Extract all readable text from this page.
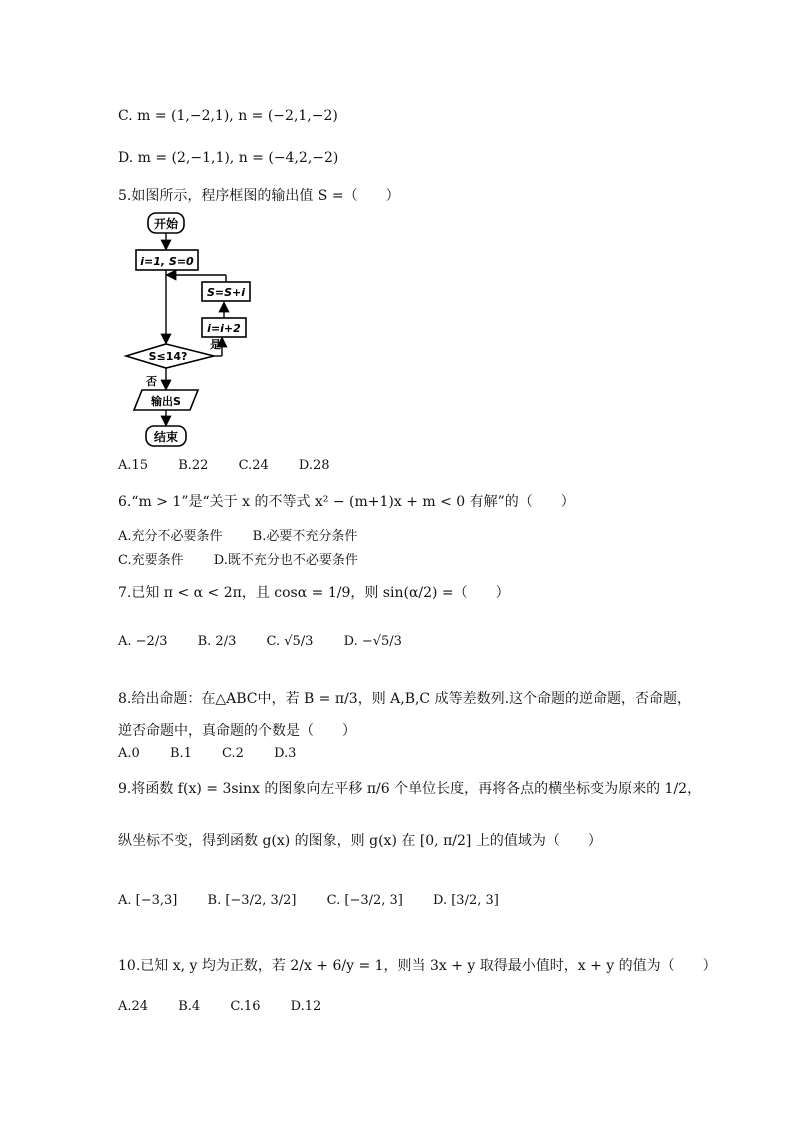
C. m = (1,−2,1), n = (−2,1,−2)
D. m = (2,−1,1), n = (−4,2,−2)
5.如图所示，程序框图的输出值 S =（　　）
开始
i=1, S=0
S≤14?
是
i=i+2
S=S+i
否
输出S
结束
A.15 B.22 C.24 D.28
6.“m > 1”是“关于 x 的不等式 x² − (m+1)x + m < 0 有解”的（　　）
A.充分不必要条件 B.必要不充分条件
C.充要条件 D.既不充分也不必要条件
7.已知 π < α < 2π，且 cosα = 1/9，则 sin(α/2) =（　　）
A. −2/3 B. 2/3 C. √5/3 D. −√5/3
8.给出命题：在△ABC中，若 B = π/3，则 A,B,C 成等差数列.这个命题的逆命题，否命题，
逆否命题中，真命题的个数是（　　）
A.0 B.1 C.2 D.3
9.将函数 f(x) = 3sinx 的图象向左平移 π/6 个单位长度，再将各点的横坐标变为原来的 1/2，
纵坐标不变，得到函数 g(x) 的图象，则 g(x) 在 [0, π/2] 上的值域为（　　）
A. [−3,3] B. [−3/2, 3/2] C. [−3/2, 3] D. [3/2, 3]
10.已知 x, y 均为正数，若 2/x + 6/y = 1，则当 3x + y 取得最小值时，x + y 的值为（　　）
A.24 B.4 C.16 D.12
